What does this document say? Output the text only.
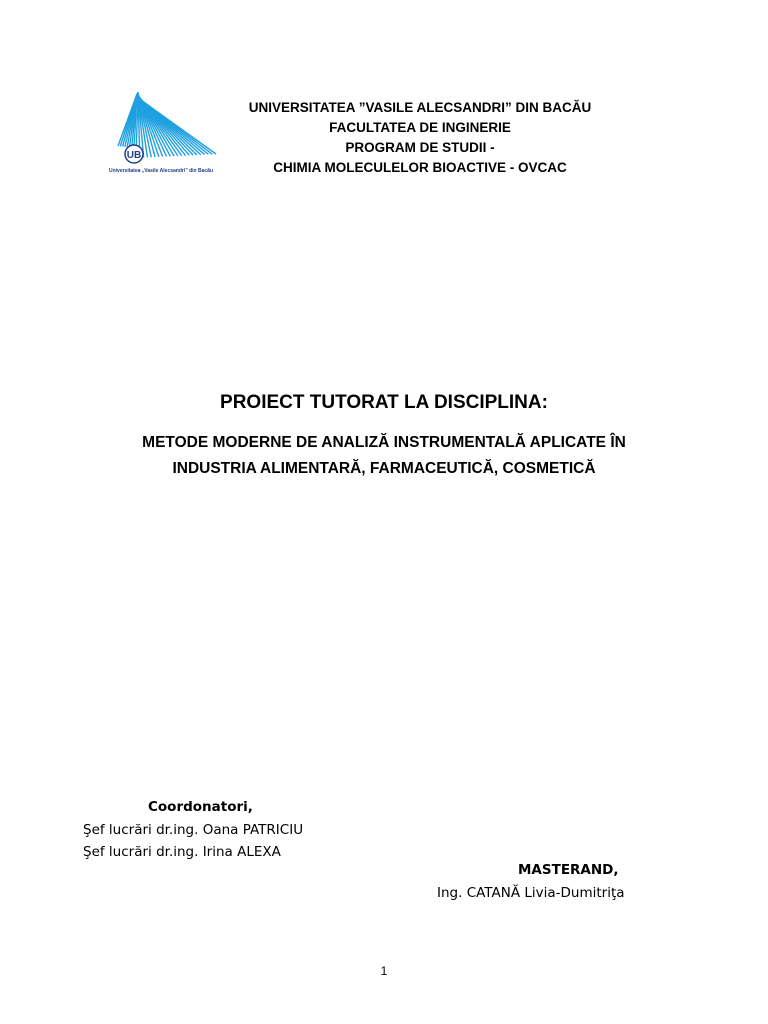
UB
Universitatea „Vasile Alecsandri” din Bacău
UNIVERSITATEA ”VASILE ALECSANDRI” DIN BACĂU
FACULTATEA DE INGINERIE
PROGRAM DE STUDII -
CHIMIA MOLECULELOR BIOACTIVE - OVCAC
PROIECT TUTORAT LA DISCIPLINA:
METODE MODERNE DE ANALIZĂ INSTRUMENTALĂ APLICATE ÎN
INDUSTRIA ALIMENTARĂ, FARMACEUTICĂ, COSMETICĂ
Coordonatori,
Şef lucrări dr.ing. Oana PATRICIU
Şef lucrări dr.ing. Irina ALEXA
MASTERAND,
Ing. CATANĂ Livia-Dumitriţa
1
